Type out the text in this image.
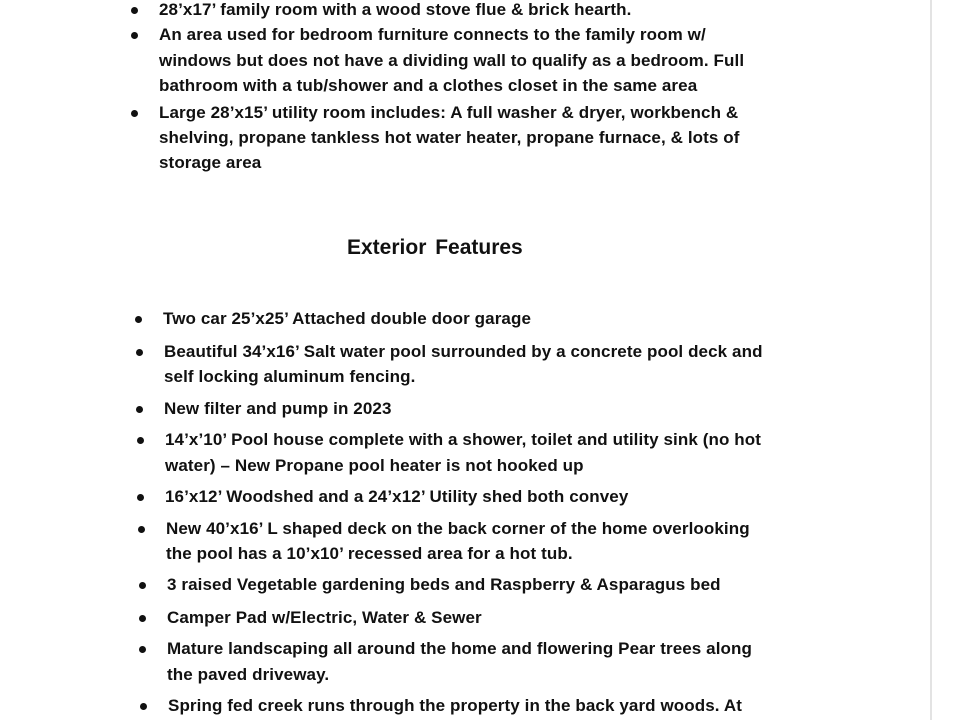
28’x17’ family room with a wood stove flue & brick hearth.
An area used for bedroom furniture connects to the family room w/
windows but does not have a dividing wall to qualify as a bedroom. Full
bathroom with a tub/shower and a clothes closet in the same area
Large 28’x15’ utility room includes: A full washer & dryer, workbench &
shelving, propane tankless hot water heater, propane furnace, & lots of
storage area
Exterior Features
Two car 25’x25’ Attached double door garage
Beautiful 34’x16’ Salt water pool surrounded by a concrete pool deck and
self locking aluminum fencing.
New filter and pump in 2023
14’x’10’ Pool house complete with a shower, toilet and utility sink (no hot
water) – New Propane pool heater is not hooked up
16’x12’ Woodshed and a 24’x12’ Utility shed both convey
New 40’x16’ L shaped deck on the back corner of the home overlooking
the pool has a 10’x10’ recessed area for a hot tub.
3 raised Vegetable gardening beds and Raspberry & Asparagus bed
Camper Pad w/Electric, Water & Sewer
Mature landscaping all around the home and flowering Pear trees along
the paved driveway.
Spring fed creek runs through the property in the back yard woods. At
